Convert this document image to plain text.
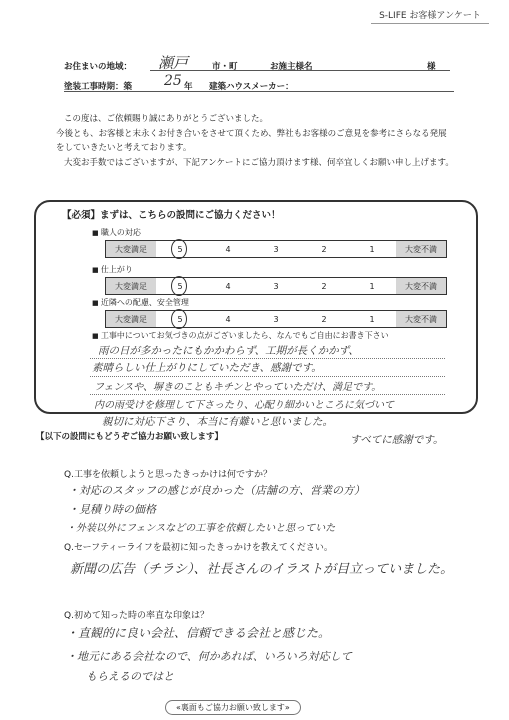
S-LIFE お客様アンケート
お住まいの地域： 瀬戸	市・町	お施主様名	様
塗装工事時期：築 25 年 建築ハウスメーカー：
この度は、ご依頼賜り誠にありがとうございました。
今後とも、お客様と末永くお付き合いをさせて頂くため、弊社もお客様のご意見を参考にさらなる発展
をしていきたいと考えております。
大変お手数ではございますが、下記アンケートにご協力頂けます様、何卒宜しくお願い申し上げます。
【必須】まずは、こちらの設問にご協力ください！
■ 職人の対応
大変満足	5	4	3	2	1	大変不満
■ 仕上がり
大変満足	5	4	3	2	1	大変不満
■ 近隣への配慮、安全管理
大変満足	5	4	3	2	1	大変不満
■ 工事中についてお気づきの点がございましたら、なんでもご自由にお書き下さい
雨の日が多かったにもかかわらず、工期が長くかかず、
素晴らしい仕上がりにしていただき、感謝です。
フェンスや、塀きのこともキチンとやっていただけ、満足です。
内の雨受けを修理して下さったり、心配り細かいところに気づいて
親切に対応下さり、本当に有難いと思いました。
すべてに感謝です。
【以下の設問にもどうぞご協力お願い致します】
Q.工事を依頼しようと思ったきっかけは何ですか？
・対応のスタッフの感じが良かった（店舗の方、営業の方）
・見積り時の価格
・外装以外にフェンスなどの工事を依頼したいと思っていた
Q.セーフティーライフを最初に知ったきっかけを教えてください。
新聞の広告（チラシ）、社長さんのイラストが目立っていました。
Q.初めて知った時の率直な印象は？
・直観的に良い会社、信頼できる会社と感じた。
・地元にある会社なので、何かあれば、いろいろ対応して
もらえるのではと
«裏面もご協力お願い致します»
